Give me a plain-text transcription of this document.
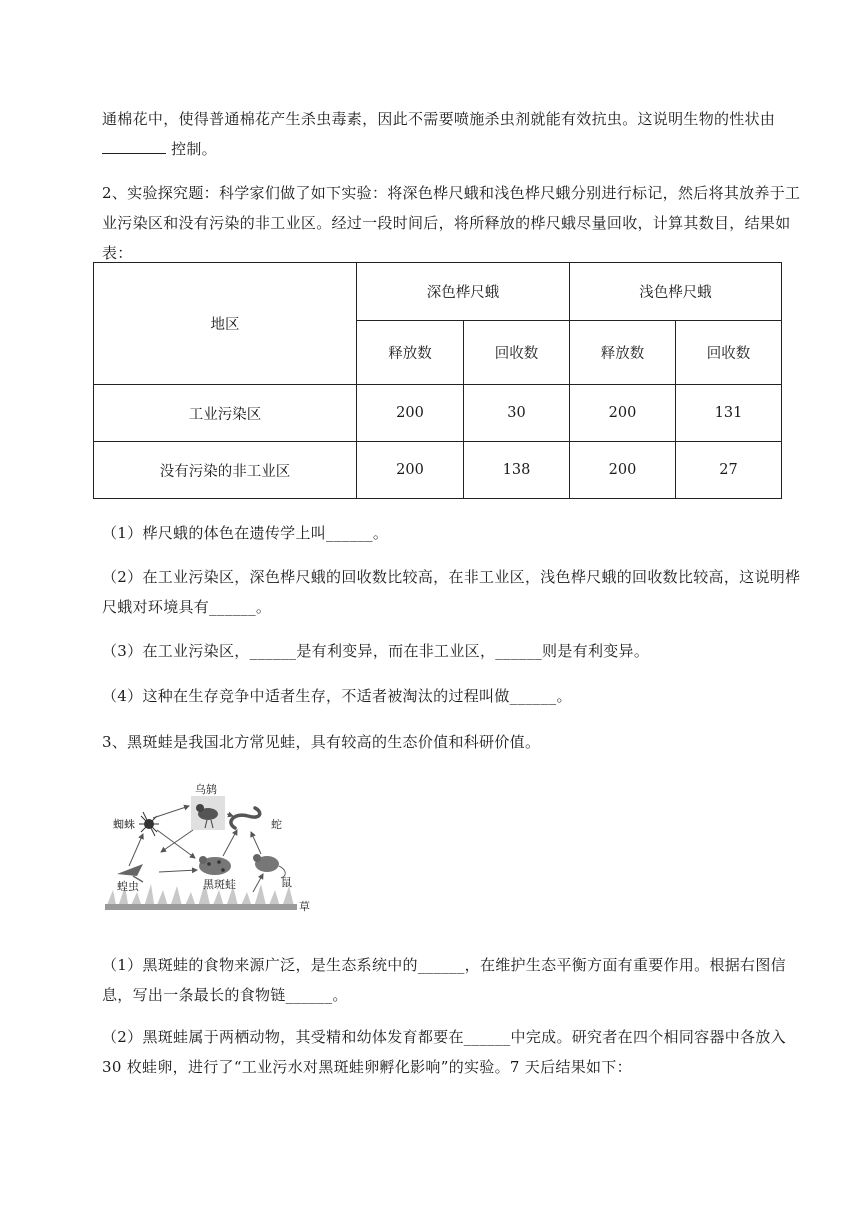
通棉花中，使得普通棉花产生杀虫毒素，因此不需要喷施杀虫剂就能有效抗虫。这说明生物的性状由
控制。

2、实验探究题：科学家们做了如下实验：将深色桦尺蛾和浅色桦尺蛾分别进行标记，然后将其放养于工业污染区和没有污染的非工业区。经过一段时间后，将所释放的桦尺蛾尽量回收，计算其数目，结果如表：

地区	深色桦尺蛾		浅色桦尺蛾	
	释放数	回收数	释放数	回收数
工业污染区	200	30	200	131
没有污染的非工业区	200	138	200	27

（1）桦尺蛾的体色在遗传学上叫______。

（2）在工业污染区，深色桦尺蛾的回收数比较高，在非工业区，浅色桦尺蛾的回收数比较高，这说明桦尺蛾对环境具有______。

（3）在工业污染区，______是有利变异，而在非工业区，______则是有利变异。

（4）这种在生存竞争中适者生存，不适者被淘汰的过程叫做______。

3、黑斑蛙是我国北方常见蛙，具有较高的生态价值和科研价值。

乌鸫
蜘蛛	蛇
蝗虫	黑斑蛙	鼠
草

（1）黑斑蛙的食物来源广泛，是生态系统中的______，在维护生态平衡方面有重要作用。根据右图信息，写出一条最长的食物链______。

（2）黑斑蛙属于两栖动物，其受精和幼体发育都要在______中完成。研究者在四个相同容器中各放入30 枚蛙卵，进行了“工业污水对黑斑蛙卵孵化影响”的实验。7 天后结果如下：
